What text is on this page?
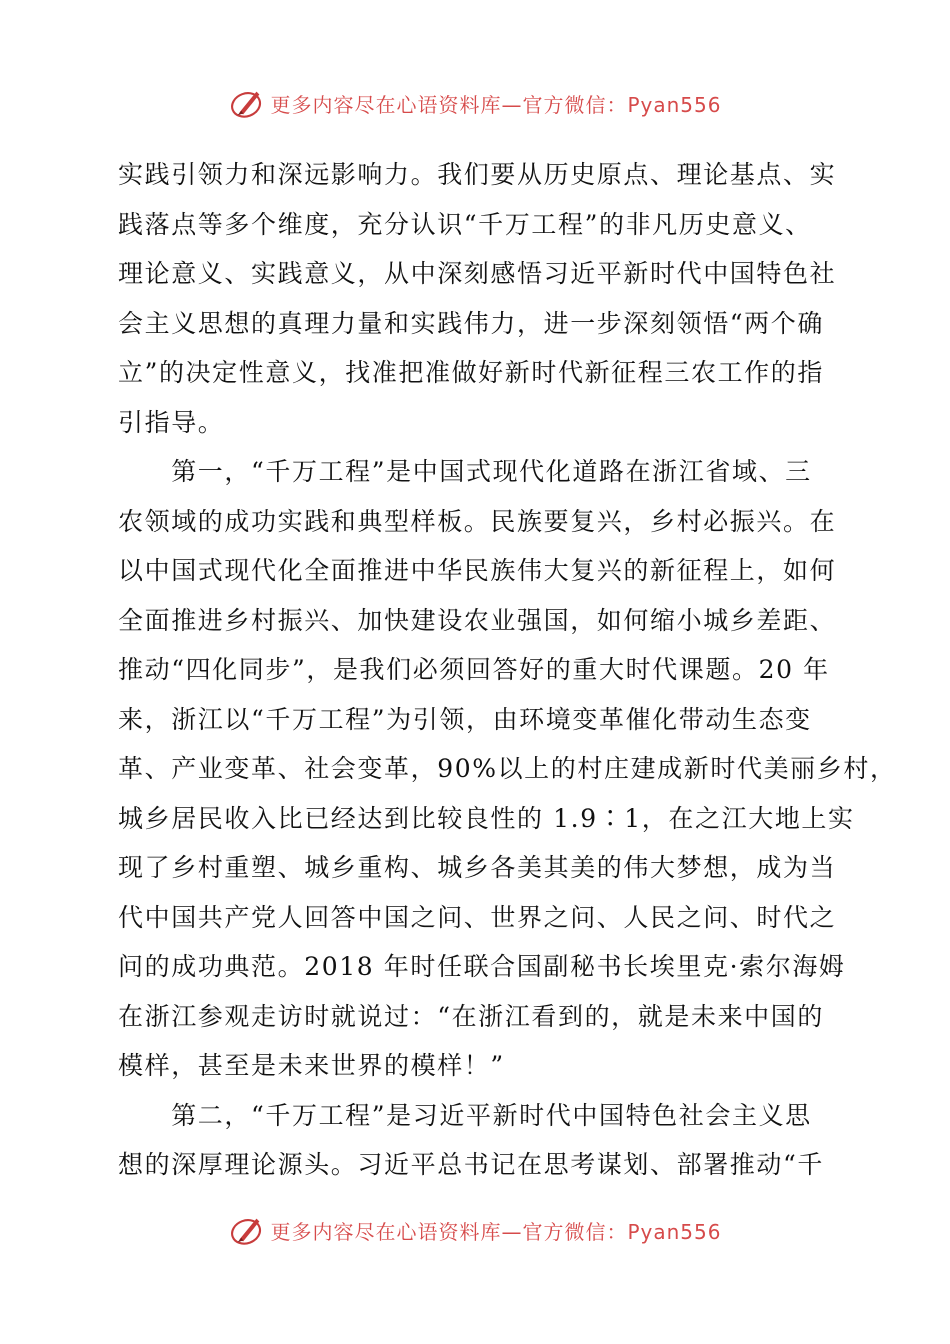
更多内容尽在心语资料库—官方微信：Pyan556
实践引领力和深远影响力。我们要从历史原点、理论基点、实
践落点等多个维度，充分认识“千万工程”的非凡历史意义、
理论意义、实践意义，从中深刻感悟习近平新时代中国特色社
会主义思想的真理力量和实践伟力，进一步深刻领悟“两个确
立”的决定性意义，找准把准做好新时代新征程三农工作的指
引指导。
　　第一，“千万工程”是中国式现代化道路在浙江省域、三
农领域的成功实践和典型样板。民族要复兴，乡村必振兴。在
以中国式现代化全面推进中华民族伟大复兴的新征程上，如何
全面推进乡村振兴、加快建设农业强国，如何缩小城乡差距、
推动“四化同步”，是我们必须回答好的重大时代课题。20 年
来，浙江以“千万工程”为引领，由环境变革催化带动生态变
革、产业变革、社会变革，90%以上的村庄建成新时代美丽乡村，
城乡居民收入比已经达到比较良性的 1.9∶1，在之江大地上实
现了乡村重塑、城乡重构、城乡各美其美的伟大梦想，成为当
代中国共产党人回答中国之问、世界之问、人民之问、时代之
问的成功典范。2018 年时任联合国副秘书长埃里克·索尔海姆
在浙江参观走访时就说过：“在浙江看到的，就是未来中国的
模样，甚至是未来世界的模样！”
　　第二，“千万工程”是习近平新时代中国特色社会主义思
想的深厚理论源头。习近平总书记在思考谋划、部署推动“千
更多内容尽在心语资料库—官方微信：Pyan556
